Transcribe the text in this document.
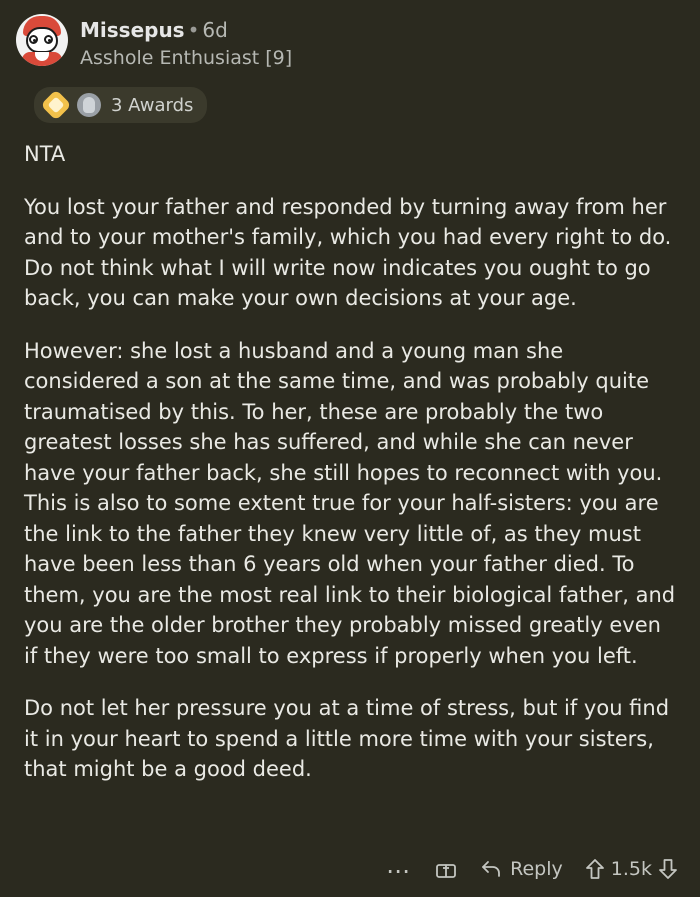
Missepus • 6d
Asshole Enthusiast [9]
3 Awards

NTA

You lost your father and responded by turning away from her and to your mother's family, which you had every right to do. Do not think what I will write now indicates you ought to go back, you can make your own decisions at your age.

However: she lost a husband and a young man she considered a son at the same time, and was probably quite traumatised by this. To her, these are probably the two greatest losses she has suffered, and while she can never have your father back, she still hopes to reconnect with you. This is also to some extent true for your half-sisters: you are the link to the father they knew very little of, as they must have been less than 6 years old when your father died. To them, you are the most real link to their biological father, and you are the older brother they probably missed greatly even if they were too small to express if properly when you left.

Do not let her pressure you at a time of stress, but if you find it in your heart to spend a little more time with your sisters, that might be a good deed.

…	Reply	1.5k
